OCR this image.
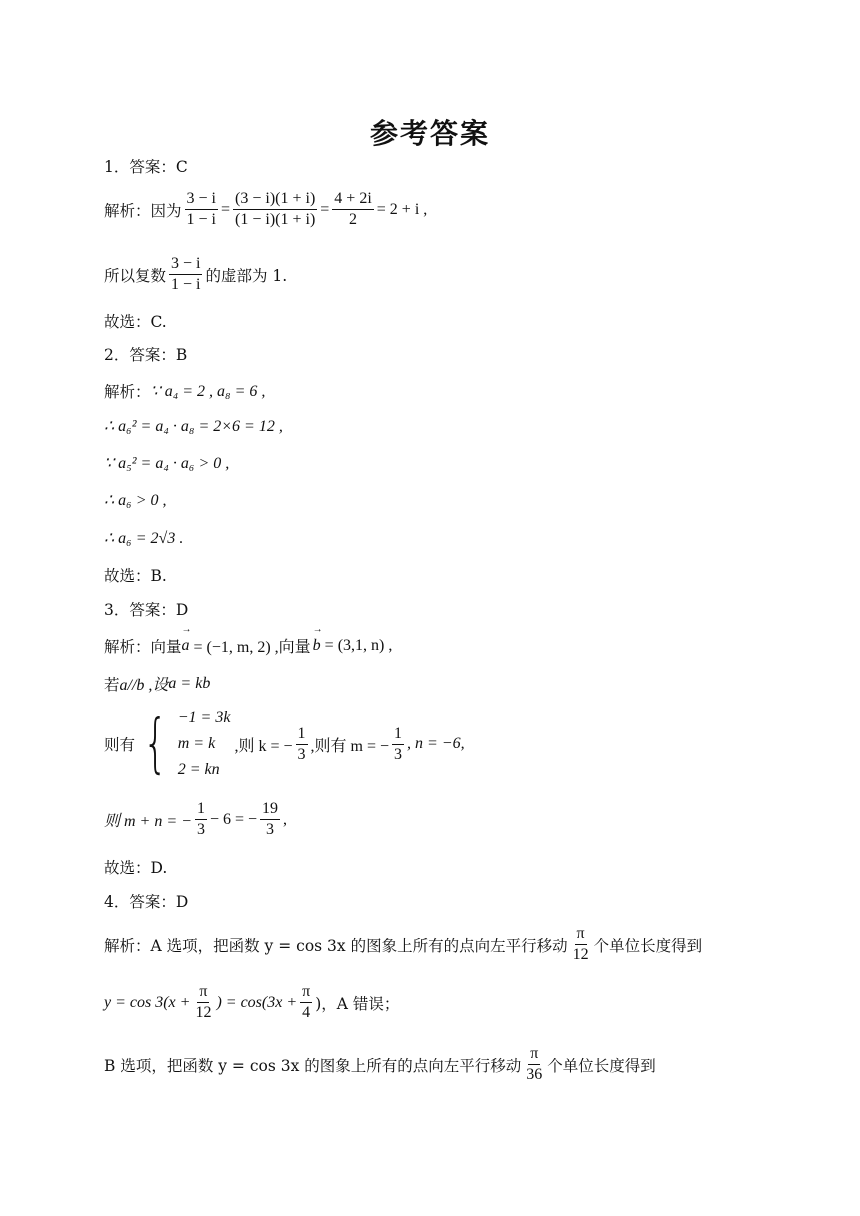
参考答案
1．答案：C
解析：因为 $\frac{3 - i}{1 - i} = \frac{(3 - i)(1 + i)}{(1 - i)(1 + i)} = \frac{4 + 2i}{2} = 2 + i$ ,
所以复数 $\frac{3 - i}{1 - i}$ 的虚部为 1.
故选：C.
2．答案：B
解析： ∵ a₄ = 2 , a₈ = 6 ,
∴ a₆² = a₄ · a₈ = 2×6 = 12 ,
∵ a₅² = a₄ · a₆ > 0 ,
∴ a₆ > 0 ,
∴ a₆ = 2√3 .
故选：B.
3．答案：D
解析：向量 → a = (−1, m, 2) ,向量 → b = (3,1, n) ,
若 a//b ,设 a = kb
则有 { −1 = 3k
m = k
2 = kn
,则 k = − $\frac{1}{3}$ ,则有 m = − $\frac{1}{3}$ , n = −6,
则 m + n = − $\frac{1}{3} - 6$ = − $\frac{19}{3}$ ,
故选：D.
4．答案：D
解析：A 选项，把函数 y = cos 3x 的图象上所有的点向左平行移动 $\frac{\pi}{12}$ 个单位长度得到
$y = \cos 3(x + \frac{\pi}{12}$ ) = $\cos(3x + \frac{\pi}{4}$ )，A 错误；
B 选项，把函数 y = cos 3x 的图象上所有的点向左平行移动 $\frac{\pi}{36}$ 个单位长度得到
